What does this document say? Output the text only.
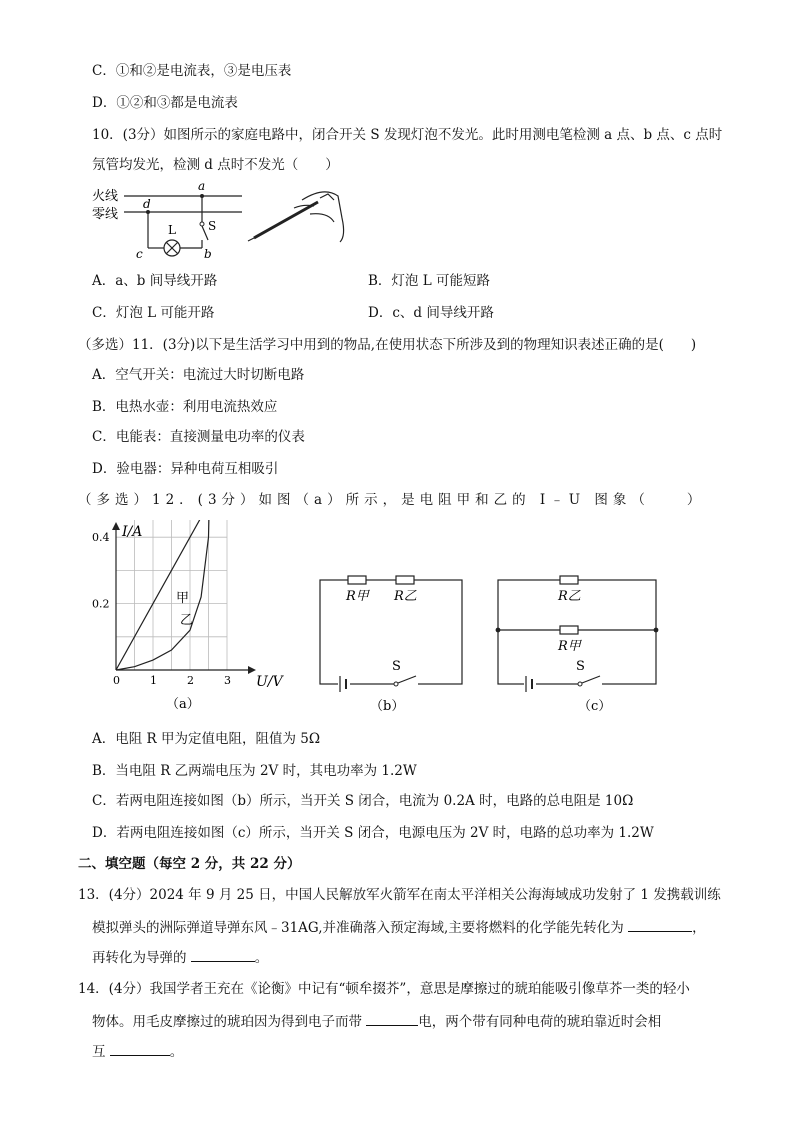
C．①和②是电流表，③是电压表
D．①②和③都是电流表
10．(3分）如图所示的家庭电路中，闭合开关 S 发现灯泡不发光。此时用测电笔检测 a 点、b 点、c 点时
氖管均发光，检测 d 点时不发光（　　）
火线
零线
a
d
L
c
S
b
A．a、b 间导线开路	B．灯泡 L 可能短路
C．灯泡 L 可能开路	D．c、d 间导线开路
（多选）11．(3分)以下是生活学习中用到的物品,在使用状态下所涉及到的物理知识表述正确的是(　　)
A．空气开关：电流过大时切断电路
B．电热水壶：利用电流热效应
C．电能表：直接测量电功率的仪表
D．验电器：异种电荷互相吸引
（多选）12．(3分）如图（a）所示，是电阻甲和乙的 I﹣U 图象（　　）
I/A
U/V
0	1	2	3
0.2
0.4
甲
乙
（a）
R甲 R乙
S
（b）
R乙
R甲
S
（c）
A．电阻 R 甲为定值电阻，阻值为 5Ω
B．当电阻 R 乙两端电压为 2V 时，其电功率为 1.2W
C．若两电阻连接如图（b）所示，当开关 S 闭合，电流为 0.2A 时，电路的总电阻是 10Ω
D．若两电阻连接如图（c）所示，当开关 S 闭合，电源电压为 2V 时，电路的总功率为 1.2W
二、填空题（每空 2 分，共 22 分）
13．(4分）2024 年 9 月 25 日，中国人民解放军火箭军在南太平洋相关公海海域成功发射了 1 发携载训练
模拟弹头的洲际弹道导弹东风﹣31AG,并准确落入预定海域,主要将燃料的化学能先转化为	，
再转化为导弹的	。
14．(4分）我国学者王充在《论衡》中记有“顿牟掇芥”，意思是摩擦过的琥珀能吸引像草芥一类的轻小
物体。用毛皮摩擦过的琥珀因为得到电子而带	电，两个带有同种电荷的琥珀靠近时会相
互	。
